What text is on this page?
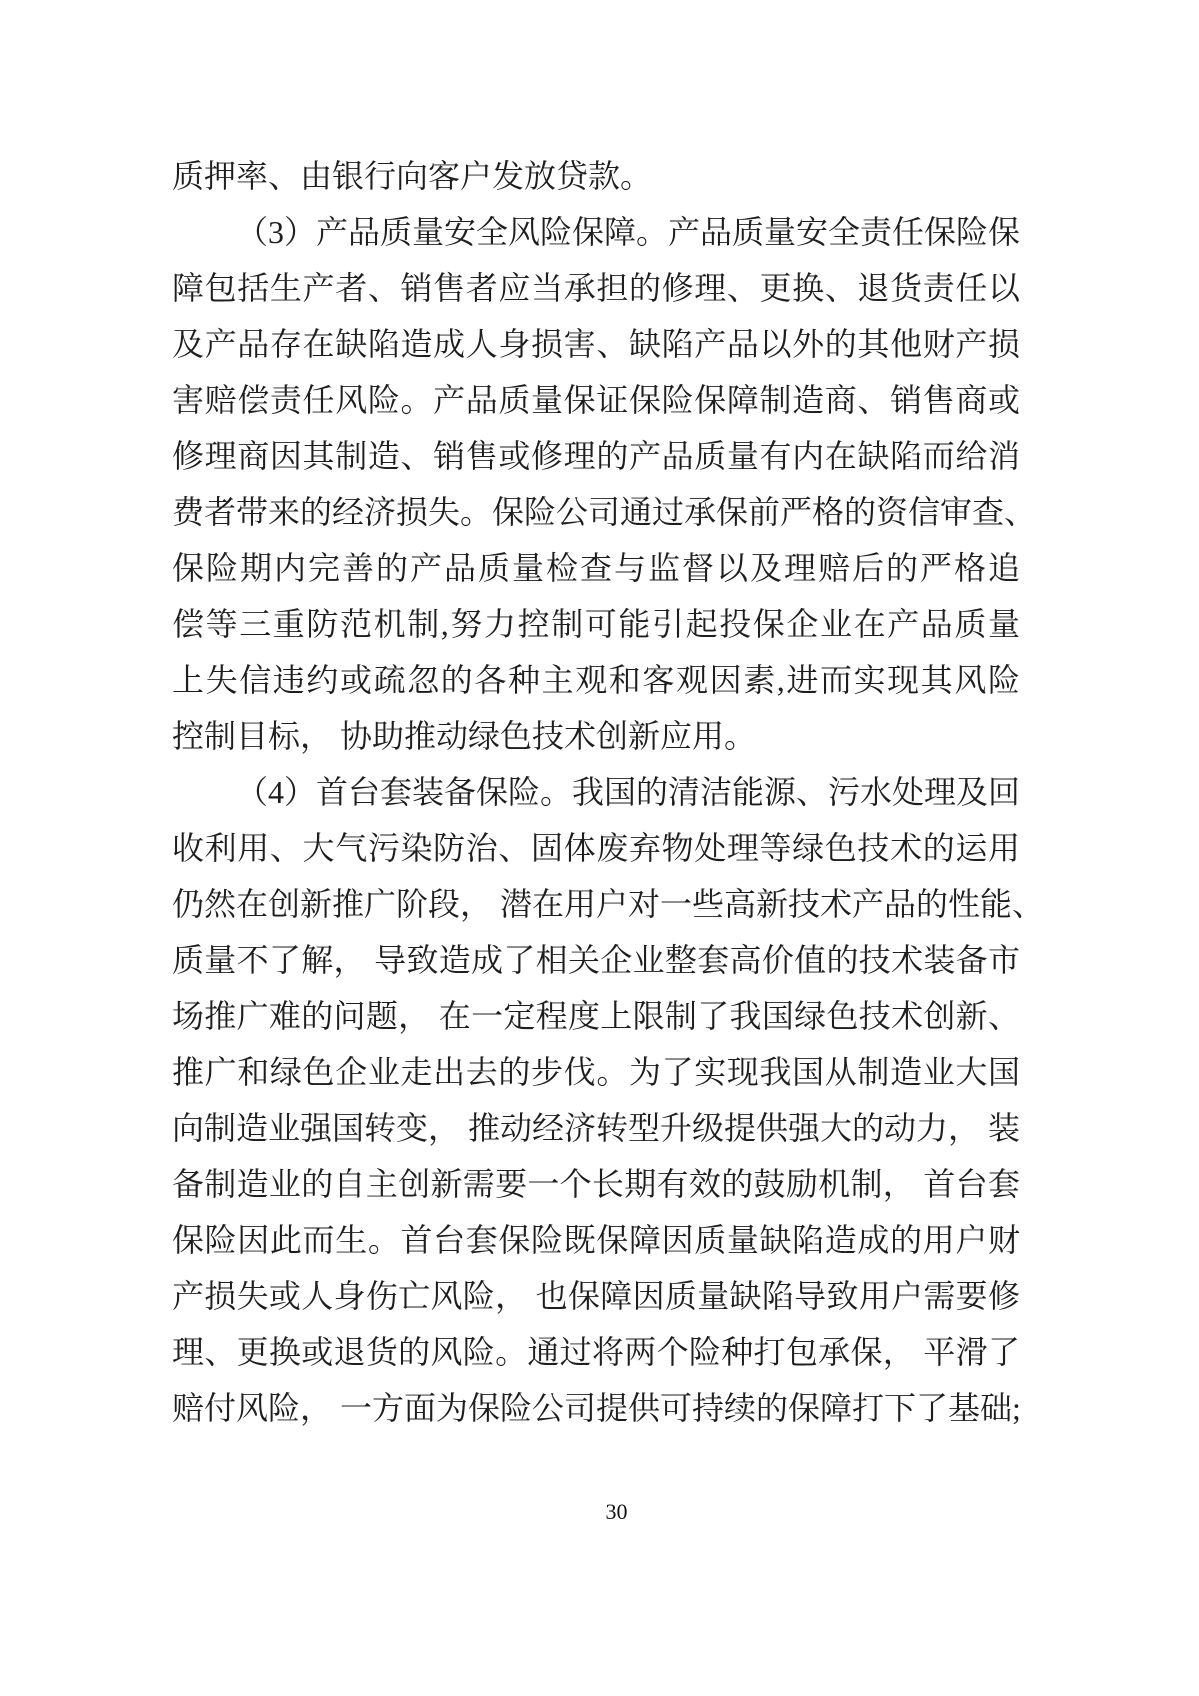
质押率、由银行向客户发放贷款。
（3）产品质量安全风险保障。产品质量安全责任保险保
障包括生产者、销售者应当承担的修理、更换、退货责任以
及产品存在缺陷造成人身损害、缺陷产品以外的其他财产损
害赔偿责任风险。产品质量保证保险保障制造商、销售商或
修理商因其制造、销售或修理的产品质量有内在缺陷而给消
费者带来的经济损失。保险公司通过承保前严格的资信审查、
保险期内完善的产品质量检查与监督以及理赔后的严格追
偿等三重防范机制,努力控制可能引起投保企业在产品质量
上失信违约或疏忽的各种主观和客观因素,进而实现其风险
控制目标， 协助推动绿色技术创新应用。
（4）首台套装备保险。我国的清洁能源、污水处理及回
收利用、大气污染防治、固体废弃物处理等绿色技术的运用
仍然在创新推广阶段， 潜在用户对一些高新技术产品的性能、
质量不了解， 导致造成了相关企业整套高价值的技术装备市
场推广难的问题， 在一定程度上限制了我国绿色技术创新、
推广和绿色企业走出去的步伐。为了实现我国从制造业大国
向制造业强国转变， 推动经济转型升级提供强大的动力， 装
备制造业的自主创新需要一个长期有效的鼓励机制， 首台套
保险因此而生。首台套保险既保障因质量缺陷造成的用户财
产损失或人身伤亡风险， 也保障因质量缺陷导致用户需要修
理、更换或退货的风险。通过将两个险种打包承保， 平滑了
赔付风险， 一方面为保险公司提供可持续的保障打下了基础;
30
